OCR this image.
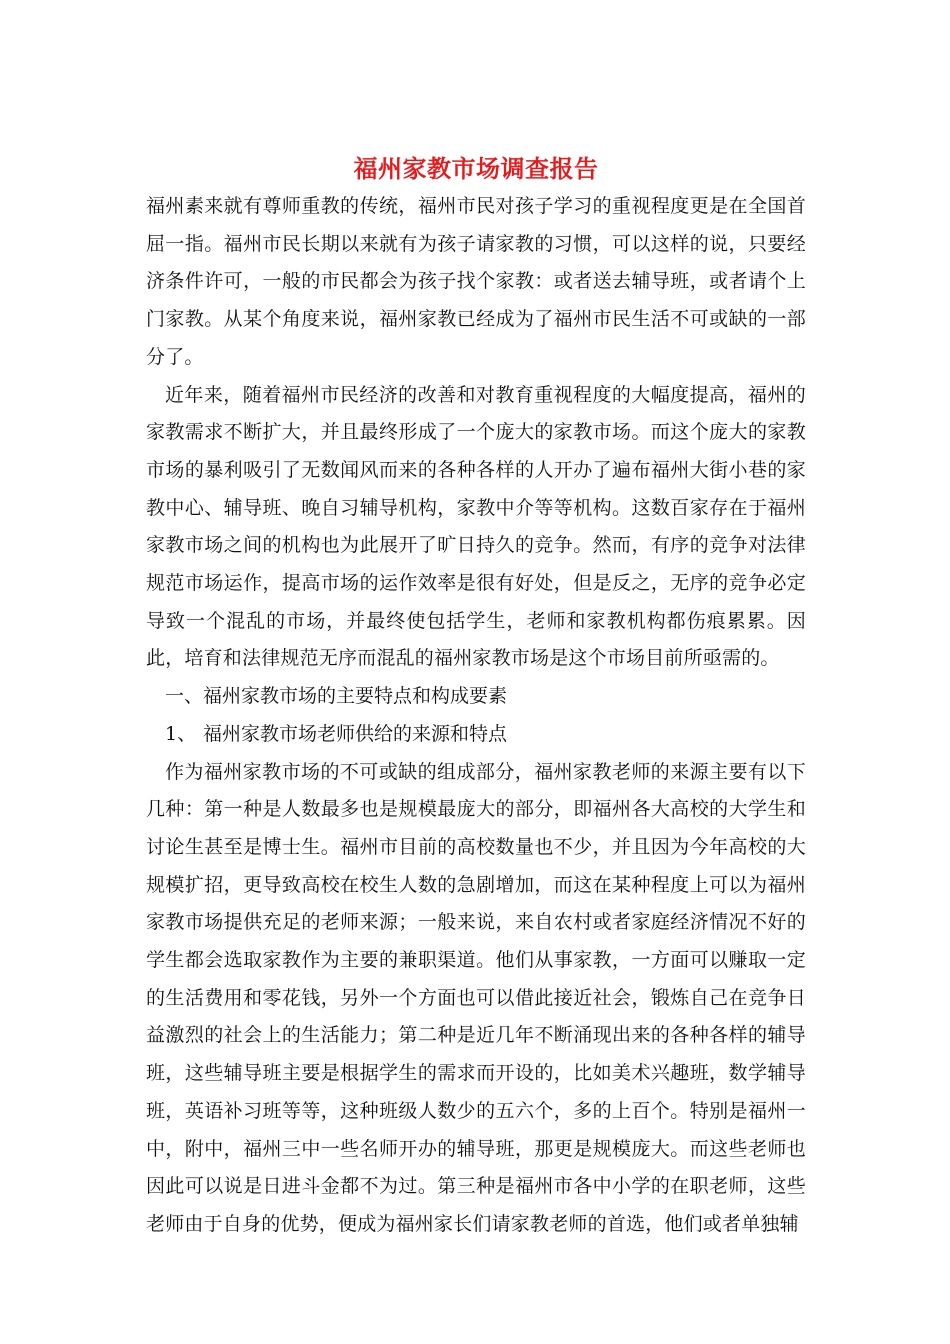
福州家教市场调查报告

福州素来就有尊师重教的传统，福州市民对孩子学习的重视程度更是在全国首屈一指。福州市民长期以来就有为孩子请家教的习惯，可以这样的说，只要经济条件许可，一般的市民都会为孩子找个家教：或者送去辅导班，或者请个上门家教。从某个角度来说，福州家教已经成为了福州市民生活不可或缺的一部分了。

近年来，随着福州市民经济的改善和对教育重视程度的大幅度提高，福州的家教需求不断扩大，并且最终形成了一个庞大的家教市场。而这个庞大的家教市场的暴利吸引了无数闻风而来的各种各样的人开办了遍布福州大街小巷的家教中心、辅导班、晚自习辅导机构，家教中介等等机构。这数百家存在于福州家教市场之间的机构也为此展开了旷日持久的竞争。然而，有序的竞争对法律规范市场运作，提高市场的运作效率是很有好处，但是反之，无序的竞争必定导致一个混乱的市场，并最终使包括学生，老师和家教机构都伤痕累累。因此，培育和法律规范无序而混乱的福州家教市场是这个市场目前所亟需的。

一、福州家教市场的主要特点和构成要素

1、 福州家教市场老师供给的来源和特点

作为福州家教市场的不可或缺的组成部分，福州家教老师的来源主要有以下几种：第一种是人数最多也是规模最庞大的部分，即福州各大高校的大学生和讨论生甚至是博士生。福州市目前的高校数量也不少，并且因为今年高校的大规模扩招，更导致高校在校生人数的急剧增加，而这在某种程度上可以为福州家教市场提供充足的老师来源；一般来说，来自农村或者家庭经济情况不好的学生都会选取家教作为主要的兼职渠道。他们从事家教，一方面可以赚取一定的生活费用和零花钱，另外一个方面也可以借此接近社会，锻炼自己在竞争日益激烈的社会上的生活能力；第二种是近几年不断涌现出来的各种各样的辅导班，这些辅导班主要是根据学生的需求而开设的，比如美术兴趣班，数学辅导班，英语补习班等等，这种班级人数少的五六个，多的上百个。特别是福州一中，附中，福州三中一些名师开办的辅导班，那更是规模庞大。而这些老师也因此可以说是日进斗金都不为过。第三种是福州市各中小学的在职老师，这些老师由于自身的优势，便成为福州家长们请家教老师的首选，他们或者单独辅
